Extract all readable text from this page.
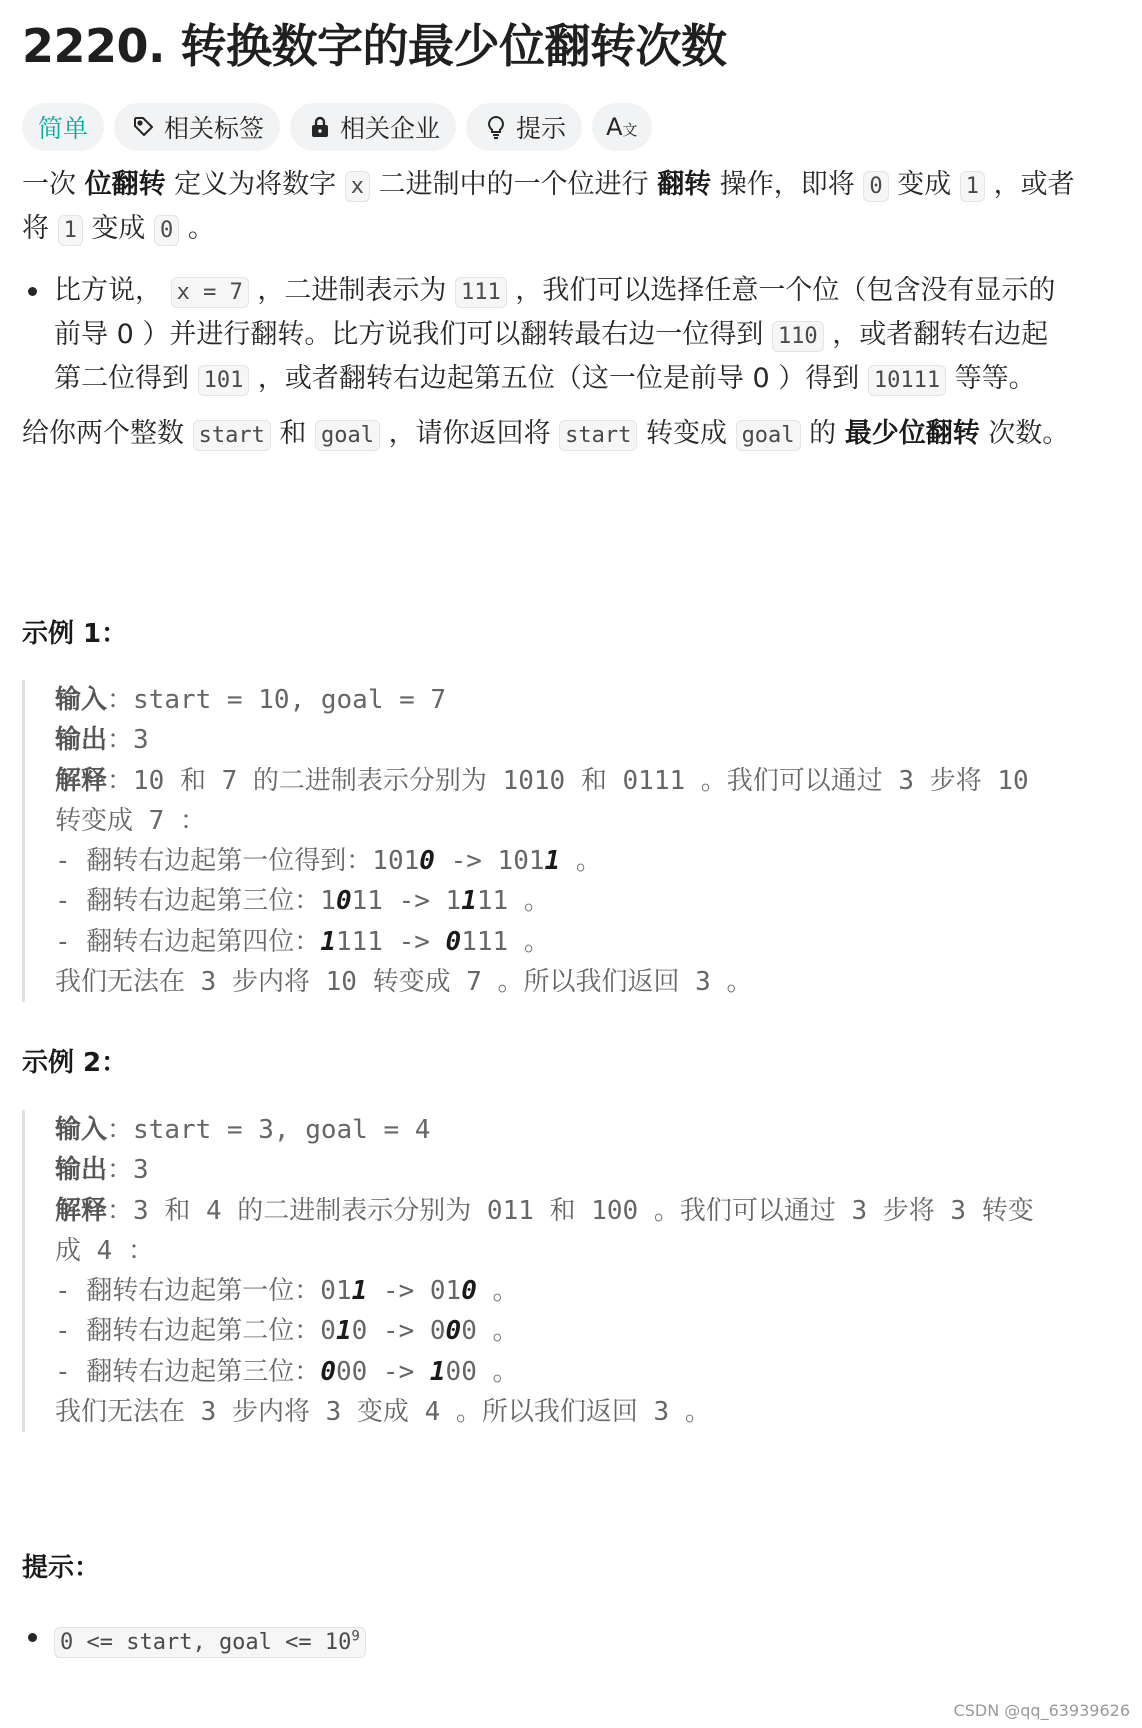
2220. 转换数字的最少位翻转次数
简单	相关标签	相关企业	提示 A文
一次 位翻转 定义为将数字 x 二进制中的一个位进行 翻转 操作，即将 0 变成 1 ，或者
将 1 变成 0 。
比方说， x = 7 ，二进制表示为 111 ，我们可以选择任意一个位（包含没有显示的
前导 0 ）并进行翻转。比方说我们可以翻转最右边一位得到 110 ，或者翻转右边起
第二位得到 101 ，或者翻转右边起第五位（这一位是前导 0 ）得到 10111 等等。
给你两个整数 start 和 goal ，请你返回将 start 转变成 goal 的 最少位翻转 次数。
示例 1：
输入：start = 10, goal = 7
输出：3
解释：10 和 7 的二进制表示分别为 1010 和 0111 。我们可以通过 3 步将 10
转变成 7 ：
- 翻转右边起第一位得到：1010 -> 1011 。
- 翻转右边起第三位：1011 -> 1111 。
- 翻转右边起第四位：1111 -> 0111 。
我们无法在 3 步内将 10 转变成 7 。所以我们返回 3 。
示例 2：
输入：start = 3, goal = 4
输出：3
解释：3 和 4 的二进制表示分别为 011 和 100 。我们可以通过 3 步将 3 转变
成 4 ：
- 翻转右边起第一位：011 -> 010 。
- 翻转右边起第二位：010 -> 000 。
- 翻转右边起第三位：000 -> 100 。
我们无法在 3 步内将 3 变成 4 。所以我们返回 3 。
提示：
0 <= start, goal <= $10^9$
CSDN @qq_63939626
